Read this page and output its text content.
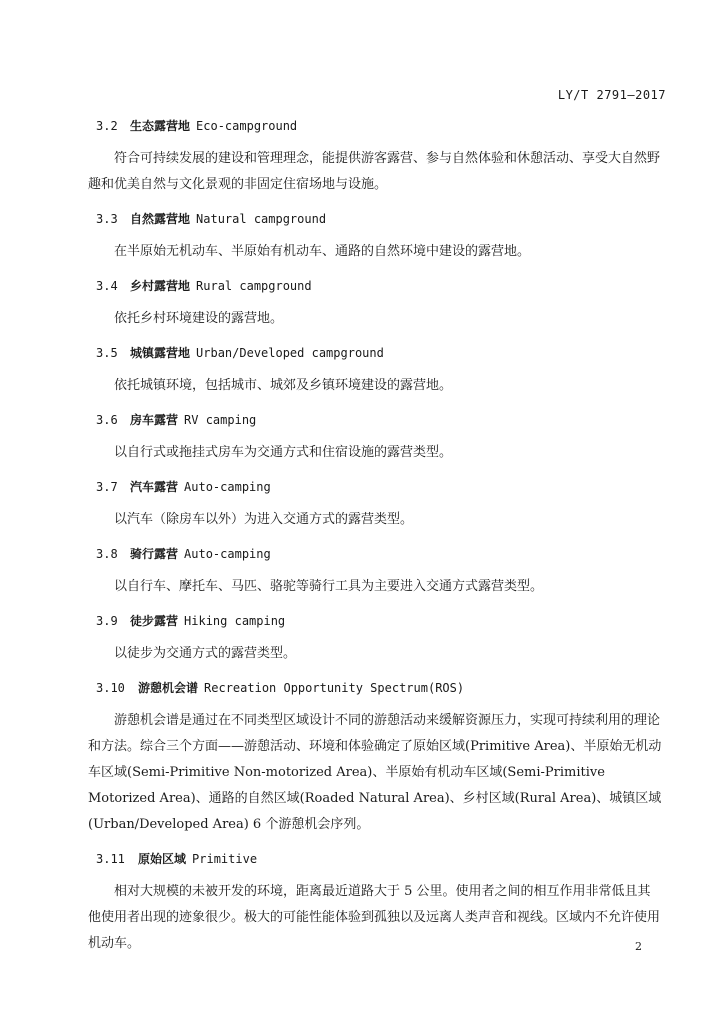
LY/T 2791—2017
3.2 生态露营地 Eco-campground

符合可持续发展的建设和管理理念，能提供游客露营、参与自然体验和休憩活动、享受大自然野趣和优美自然与文化景观的非固定住宿场地与设施。

3.3 自然露营地 Natural campground

在半原始无机动车、半原始有机动车、通路的自然环境中建设的露营地。

3.4 乡村露营地 Rural campground

依托乡村环境建设的露营地。

3.5 城镇露营地 Urban/Developed campground

依托城镇环境，包括城市、城郊及乡镇环境建设的露营地。

3.6 房车露营 RV camping

以自行式或拖挂式房车为交通方式和住宿设施的露营类型。

3.7 汽车露营 Auto-camping

以汽车（除房车以外）为进入交通方式的露营类型。

3.8 骑行露营 Auto-camping

以自行车、摩托车、马匹、骆驼等骑行工具为主要进入交通方式露营类型。

3.9 徒步露营 Hiking camping

以徒步为交通方式的露营类型。

3.10 游憩机会谱 Recreation Opportunity Spectrum(ROS)

游憩机会谱是通过在不同类型区域设计不同的游憩活动来缓解资源压力，实现可持续利用的理论和方法。综合三个方面——游憩活动、环境和体验确定了原始区域(Primitive Area)、半原始无机动车区域(Semi-Primitive Non-motorized Area)、半原始有机动车区域(Semi-Primitive Motorized Area)、通路的自然区域(Roaded Natural Area)、乡村区域(Rural Area)、城镇区域(Urban/Developed Area) 6 个游憩机会序列。

3.11 原始区域 Primitive

相对大规模的未被开发的环境，距离最近道路大于 5 公里。使用者之间的相互作用非常低且其他使用者出现的迹象很少。极大的可能性能体验到孤独以及远离人类声音和视线。区域内不允许使用机动车。	2
